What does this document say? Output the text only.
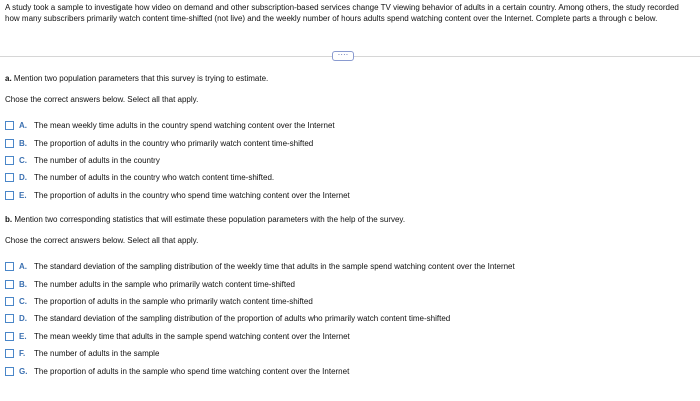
A study took a sample to investigate how video on demand and other subscription-based services change TV viewing behavior of adults in a certain country. Among others, the study recorded how many subscribers primarily watch content time-shifted (not live) and the weekly number of hours adults spend watching content over the Internet. Complete parts a through c below.

····

a. Mention two population parameters that this survey is trying to estimate.

Chose the correct answers below. Select all that apply.

A. The mean weekly time adults in the country spend watching content over the Internet
B. The proportion of adults in the country who primarily watch content time-shifted
C. The number of adults in the country
D. The number of adults in the country who watch content time-shifted.
E. The proportion of adults in the country who spend time watching content over the Internet

b. Mention two corresponding statistics that will estimate these population parameters with the help of the survey.

Chose the correct answers below. Select all that apply.

A. The standard deviation of the sampling distribution of the weekly time that adults in the sample spend watching content over the Internet
B. The number adults in the sample who primarily watch content time-shifted
C. The proportion of adults in the sample who primarily watch content time-shifted
D. The standard deviation of the sampling distribution of the proportion of adults who primarily watch content time-shifted
E. The mean weekly time that adults in the sample spend watching content over the Internet
F.	The number of adults in the sample
G. The proportion of adults in the sample who spend time watching content over the Internet
